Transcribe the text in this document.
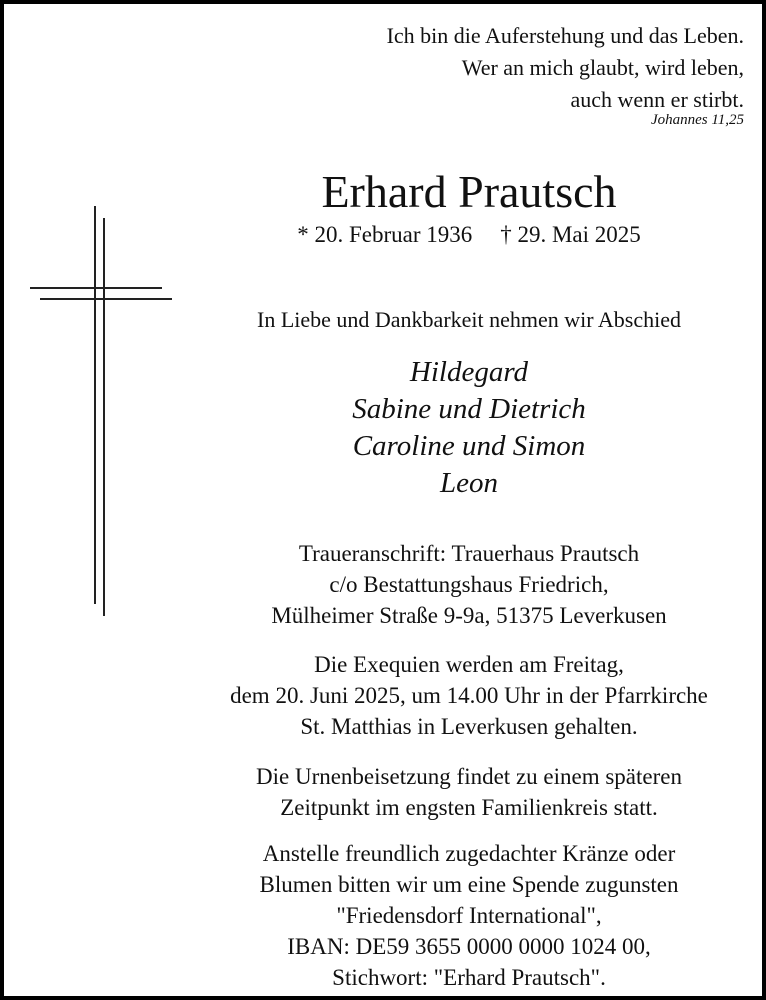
Ich bin die Auferstehung und das Leben.
Wer an mich glaubt, wird leben,
auch wenn er stirbt.
Johannes 11,25
Erhard Prautsch
* 20. Februar 1936 † 29. Mai 2025
In Liebe und Dankbarkeit nehmen wir Abschied
Hildegard
Sabine und Dietrich
Caroline und Simon
Leon
Traueranschrift: Trauerhaus Prautsch
c/o Bestattungshaus Friedrich,
Mülheimer Straße 9-9a, 51375 Leverkusen
Die Exequien werden am Freitag,
dem 20. Juni 2025, um 14.00 Uhr in der Pfarrkirche
St. Matthias in Leverkusen gehalten.
Die Urnenbeisetzung findet zu einem späteren
Zeitpunkt im engsten Familienkreis statt.
Anstelle freundlich zugedachter Kränze oder
Blumen bitten wir um eine Spende zugunsten
"Friedensdorf International",
IBAN: DE59 3655 0000 0000 1024 00,
Stichwort: "Erhard Prautsch".
